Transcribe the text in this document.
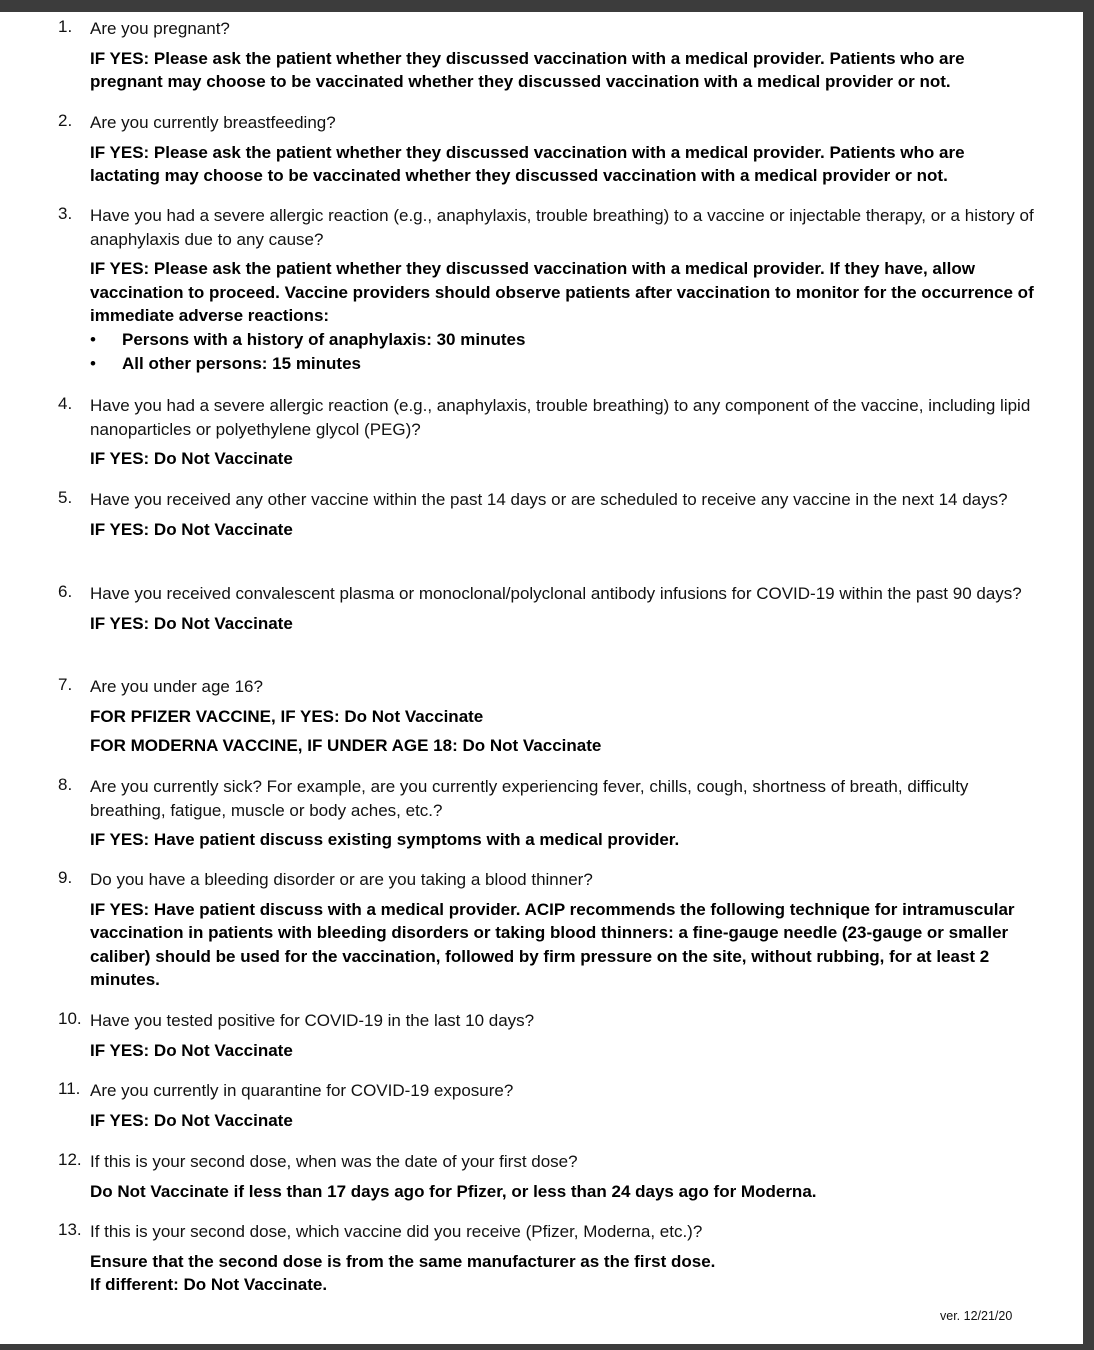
1. Are you pregnant?
IF YES: Please ask the patient whether they discussed vaccination with a medical provider. Patients who are pregnant may choose to be vaccinated whether they discussed vaccination with a medical provider or not.
2. Are you currently breastfeeding?
IF YES: Please ask the patient whether they discussed vaccination with a medical provider. Patients who are lactating may choose to be vaccinated whether they discussed vaccination with a medical provider or not.
3. Have you had a severe allergic reaction (e.g., anaphylaxis, trouble breathing) to a vaccine or injectable therapy, or a history of anaphylaxis due to any cause?
IF YES: Please ask the patient whether they discussed vaccination with a medical provider. If they have, allow vaccination to proceed. Vaccine providers should observe patients after vaccination to monitor for the occurrence of immediate adverse reactions:
• Persons with a history of anaphylaxis: 30 minutes
• All other persons: 15 minutes
4. Have you had a severe allergic reaction (e.g., anaphylaxis, trouble breathing) to any component of the vaccine, including lipid nanoparticles or polyethylene glycol (PEG)?
IF YES: Do Not Vaccinate
5. Have you received any other vaccine within the past 14 days or are scheduled to receive any vaccine in the next 14 days?
IF YES: Do Not Vaccinate
6. Have you received convalescent plasma or monoclonal/polyclonal antibody infusions for COVID-19 within the past 90 days?
IF YES: Do Not Vaccinate
7. Are you under age 16?
FOR PFIZER VACCINE, IF YES: Do Not Vaccinate
FOR MODERNA VACCINE, IF UNDER AGE 18: Do Not Vaccinate
8. Are you currently sick? For example, are you currently experiencing fever, chills, cough, shortness of breath, difficulty breathing, fatigue, muscle or body aches, etc.?
IF YES: Have patient discuss existing symptoms with a medical provider.
9. Do you have a bleeding disorder or are you taking a blood thinner?
IF YES: Have patient discuss with a medical provider. ACIP recommends the following technique for intramuscular vaccination in patients with bleeding disorders or taking blood thinners: a fine-gauge needle (23-gauge or smaller caliber) should be used for the vaccination, followed by firm pressure on the site, without rubbing, for at least 2 minutes.
10. Have you tested positive for COVID-19 in the last 10 days?
IF YES: Do Not Vaccinate
11. Are you currently in quarantine for COVID-19 exposure?
IF YES: Do Not Vaccinate
12. If this is your second dose, when was the date of your first dose?
Do Not Vaccinate if less than 17 days ago for Pfizer, or less than 24 days ago for Moderna.
13. If this is your second dose, which vaccine did you receive (Pfizer, Moderna, etc.)?
Ensure that the second dose is from the same manufacturer as the first dose.
If different: Do Not Vaccinate.
ver. 12/21/20
